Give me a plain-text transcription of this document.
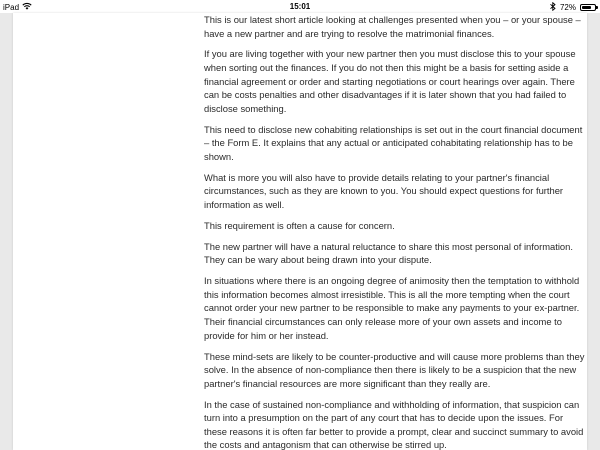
iPad	15:01	72%

This is our latest short article looking at challenges presented when you – or your spouse – have a new partner and are trying to resolve the matrimonial finances.

If you are living together with your new partner then you must disclose this to your spouse when sorting out the finances. If you do not then this might be a basis for setting aside a financial agreement or order and starting negotiations or court hearings over again. There can be costs penalties and other disadvantages if it is later shown that you had failed to disclose something.

This need to disclose new cohabiting relationships is set out in the court financial document – the Form E. It explains that any actual or anticipated cohabitating relationship has to be shown.

What is more you will also have to provide details relating to your partner's financial circumstances, such as they are known to you. You should expect questions for further information as well.

This requirement is often a cause for concern.

The new partner will have a natural reluctance to share this most personal of information. They can be wary about being drawn into your dispute.

In situations where there is an ongoing degree of animosity then the temptation to withhold this information becomes almost irresistible. This is all the more tempting when the court cannot order your new partner to be responsible to make any payments to your ex-partner. Their financial circumstances can only release more of your own assets and income to provide for him or her instead.

These mind-sets are likely to be counter-productive and will cause more problems than they solve. In the absence of non-compliance then there is likely to be a suspicion that the new partner's financial resources are more significant than they really are.

In the case of sustained non-compliance and withholding of information, that suspicion can turn into a presumption on the part of any court that has to decide upon the issues. For these reasons it is often far better to provide a prompt, clear and succinct summary to avoid the costs and antagonism that can otherwise be stirred up.
